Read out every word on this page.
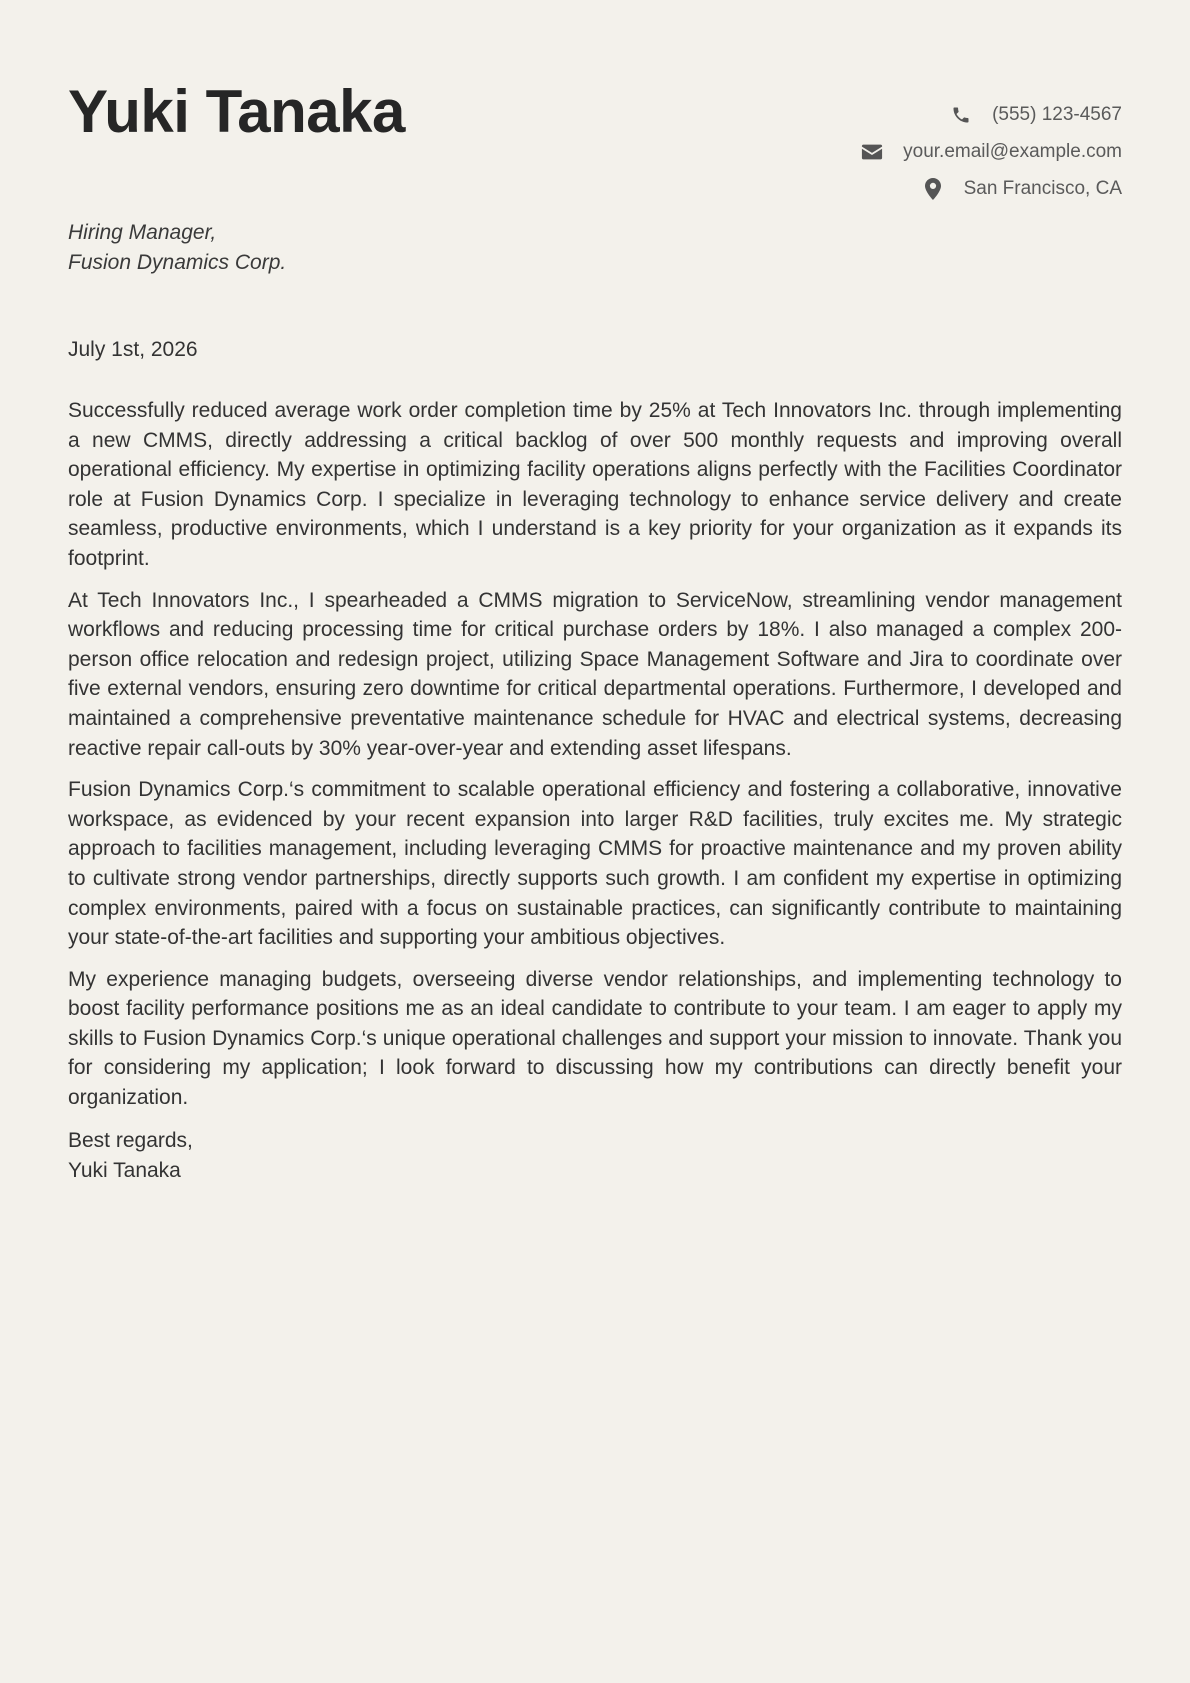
Yuki Tanaka	(555) 123-4567
your.email@example.com
San Francisco, CA
Hiring Manager,
Fusion Dynamics Corp.
July 1st, 2026

Successfully reduced average work order completion time by 25% at Tech Innovators Inc. through implementing a new CMMS, directly addressing a critical backlog of over 500 monthly requests and improving overall operational efficiency. My expertise in optimizing facility operations aligns perfectly with the Facilities Coordinator role at Fusion Dynamics Corp. I specialize in leveraging technology to enhance service delivery and create seamless, productive environments, which I understand is a key priority for your organization as it expands its footprint.

At Tech Innovators Inc., I spearheaded a CMMS migration to ServiceNow, streamlining vendor management workflows and reducing processing time for critical purchase orders by 18%. I also managed a complex 200-person office relocation and redesign project, utilizing Space Management Software and Jira to coordinate over five external vendors, ensuring zero downtime for critical departmental operations. Furthermore, I developed and maintained a comprehensive preventative maintenance schedule for HVAC and electrical systems, decreasing reactive repair call-outs by 30% year-over-year and extending asset lifespans.

Fusion Dynamics Corp.‘s commitment to scalable operational efficiency and fostering a collaborative, innovative workspace, as evidenced by your recent expansion into larger R&D facilities, truly excites me. My strategic approach to facilities management, including leveraging CMMS for proactive maintenance and my proven ability to cultivate strong vendor partnerships, directly supports such growth. I am confident my expertise in optimizing complex environments, paired with a focus on sustainable practices, can significantly contribute to maintaining your state-of-the-art facilities and supporting your ambitious objectives.

My experience managing budgets, overseeing diverse vendor relationships, and implementing technology to boost facility performance positions me as an ideal candidate to contribute to your team. I am eager to apply my skills to Fusion Dynamics Corp.‘s unique operational challenges and support your mission to innovate. Thank you for considering my application; I look forward to discussing how my contributions can directly benefit your organization.

Best regards,
Yuki Tanaka
